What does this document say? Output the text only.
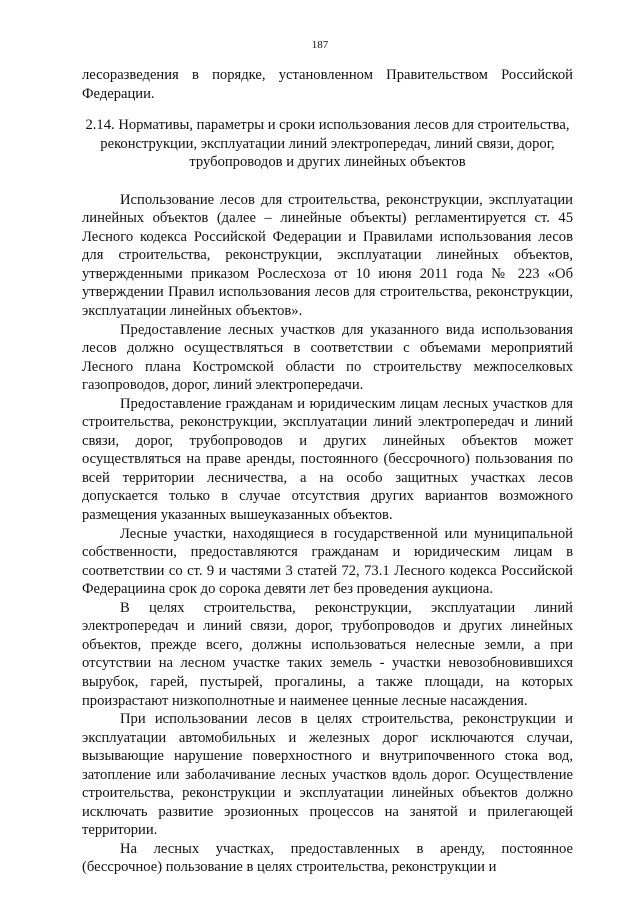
187

лесоразведения в порядке, установленном Правительством Российской Федерации.

2.14. Нормативы, параметры и сроки использования лесов для строительства, реконструкции, эксплуатации линий электропередач, линий связи, дорог, трубопроводов и других линейных объектов

Использование лесов для строительства, реконструкции, эксплуатации линейных объектов (далее – линейные объекты) регламентируется ст. 45 Лесного кодекса Российской Федерации и Правилами использования лесов для строительства, реконструкции, эксплуатации линейных объектов, утвержденными приказом Рослесхоза от 10 июня 2011 года № 223 «Об утверждении Правил использования лесов для строительства, реконструкции, эксплуатации линейных объектов».

Предоставление лесных участков для указанного вида использования лесов должно осуществляться в соответствии с объемами мероприятий Лесного плана Костромской области по строительству межпоселковых газопроводов, дорог, линий электропередачи.

Предоставление гражданам и юридическим лицам лесных участков для строительства, реконструкции, эксплуатации линий электропередач и линий связи, дорог, трубопроводов и других линейных объектов может осуществляться на праве аренды, постоянного (бессрочного) пользования по всей территории лесничества, а на особо защитных участках лесов допускается только в случае отсутствия других вариантов возможного размещения указанных вышеуказанных объектов.

Лесные участки, находящиеся в государственной или муниципальной собственности, предоставляются гражданам и юридическим лицам в соответствии со ст. 9 и частями 3 статей 72, 73.1 Лесного кодекса Российской Федерациина срок до сорока девяти лет без проведения аукциона.

В целях строительства, реконструкции, эксплуатации линий электропередач и линий связи, дорог, трубопроводов и других линейных объектов, прежде всего, должны использоваться нелесные земли, а при отсутствии на лесном участке таких земель - участки невозобновившихся вырубок, гарей, пустырей, прогалины, а также площади, на которых произрастают низкополнотные и наименее ценные лесные насаждения.

При использовании лесов в целях строительства, реконструкции и эксплуатации автомобильных и железных дорог исключаются случаи, вызывающие нарушение поверхностного и внутрипочвенного стока вод, затопление или заболачивание лесных участков вдоль дорог. Осуществление строительства, реконструкции и эксплуатации линейных объектов должно исключать развитие эрозионных процессов на занятой и прилегающей территории.

На лесных участках, предоставленных в аренду, постоянное (бессрочное) пользование в целях строительства, реконструкции и
